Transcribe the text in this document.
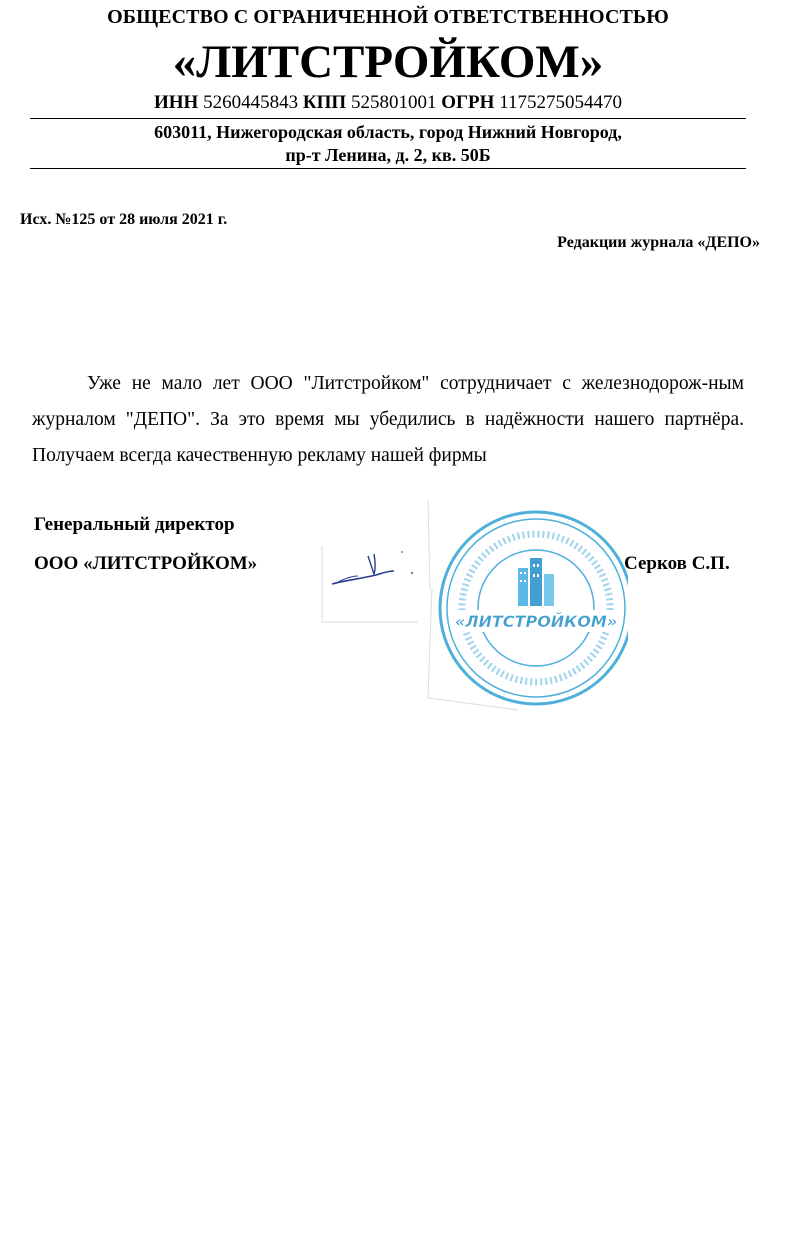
ОБЩЕСТВО С ОГРАНИЧЕННОЙ ОТВЕТСТВЕННОСТЬЮ
«ЛИТСТРОЙКОМ»
ИНН 5260445843 КПП 525801001 ОГРН 1175275054470
603011, Нижегородская область, город Нижний Новгород,
пр-т Ленина, д. 2, кв. 50Б
Исх. №125 от 28 июля 2021 г.
Редакции журнала «ДЕПО»
Уже не мало лет ООО "Литстройком" сотрудничает с железнодорож-ным журналом "ДЕПО". За это время мы убедились в надёжности нашего партнёра. Получаем всегда качественную рекламу нашей фирмы
Генеральный директор
ООО «ЛИТСТРОЙКОМ»
«ЛИТСТРОЙКОМ»
Серков С.П.
